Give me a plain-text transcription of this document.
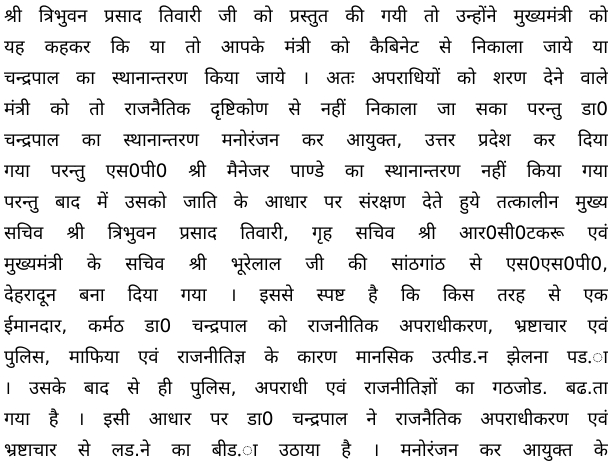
श्री त्रिभुवन प्रसाद तिवारी जी को प्रस्तुत की गयी तो उन्होंने मुख्यमंत्री को
यह कहकर कि या तो आपके मंत्री को कैबिनेट से निकाला जाये या
चन्द्रपाल का स्थानान्तरण किया जाये । अतः अपराधियों को शरण देने वाले
मंत्री को तो राजनैतिक दृष्टिकोण से नहीं निकाला जा सका परन्तु डा0
चन्द्रपाल का स्थानान्तरण मनोरंजन कर आयुक्त, उत्तर प्रदेश कर दिया
गया परन्तु एस0पी0 श्री मैनेजर पाण्डे का स्थानान्तरण नहीं किया गया
परन्तु बाद में उसको जाति के आधार पर संरक्षण देते हुये तत्कालीन मुख्य
सचिव श्री त्रिभुवन प्रसाद तिवारी, गृह सचिव श्री आर0सी0टकरू एवं
मुख्यमंत्री के सचिव श्री भूरेलाल जी की सांठगांठ से एस0एस0पी0,
देहरादून बना दिया गया । इससे स्पष्ट है कि किस तरह से एक
ईमानदार, कर्मठ डा0 चन्द्रपाल को राजनीतिक अपराधीकरण, भ्रष्टाचार एवं
पुलिस, माफिया एवं राजनीतिज्ञ के कारण मानसिक उत्पीड.न झेलना पड.ा
। उसके बाद से ही पुलिस, अपराधी एवं राजनीतिज्ञों का गठजोड. बढ.ता
गया है । इसी आधार पर डा0 चन्द्रपाल ने राजनैतिक अपराधीकरण एवं
भ्रष्टाचार से लड.ने का बीड.ा उठाया है । मनोरंजन कर आयुक्त के
